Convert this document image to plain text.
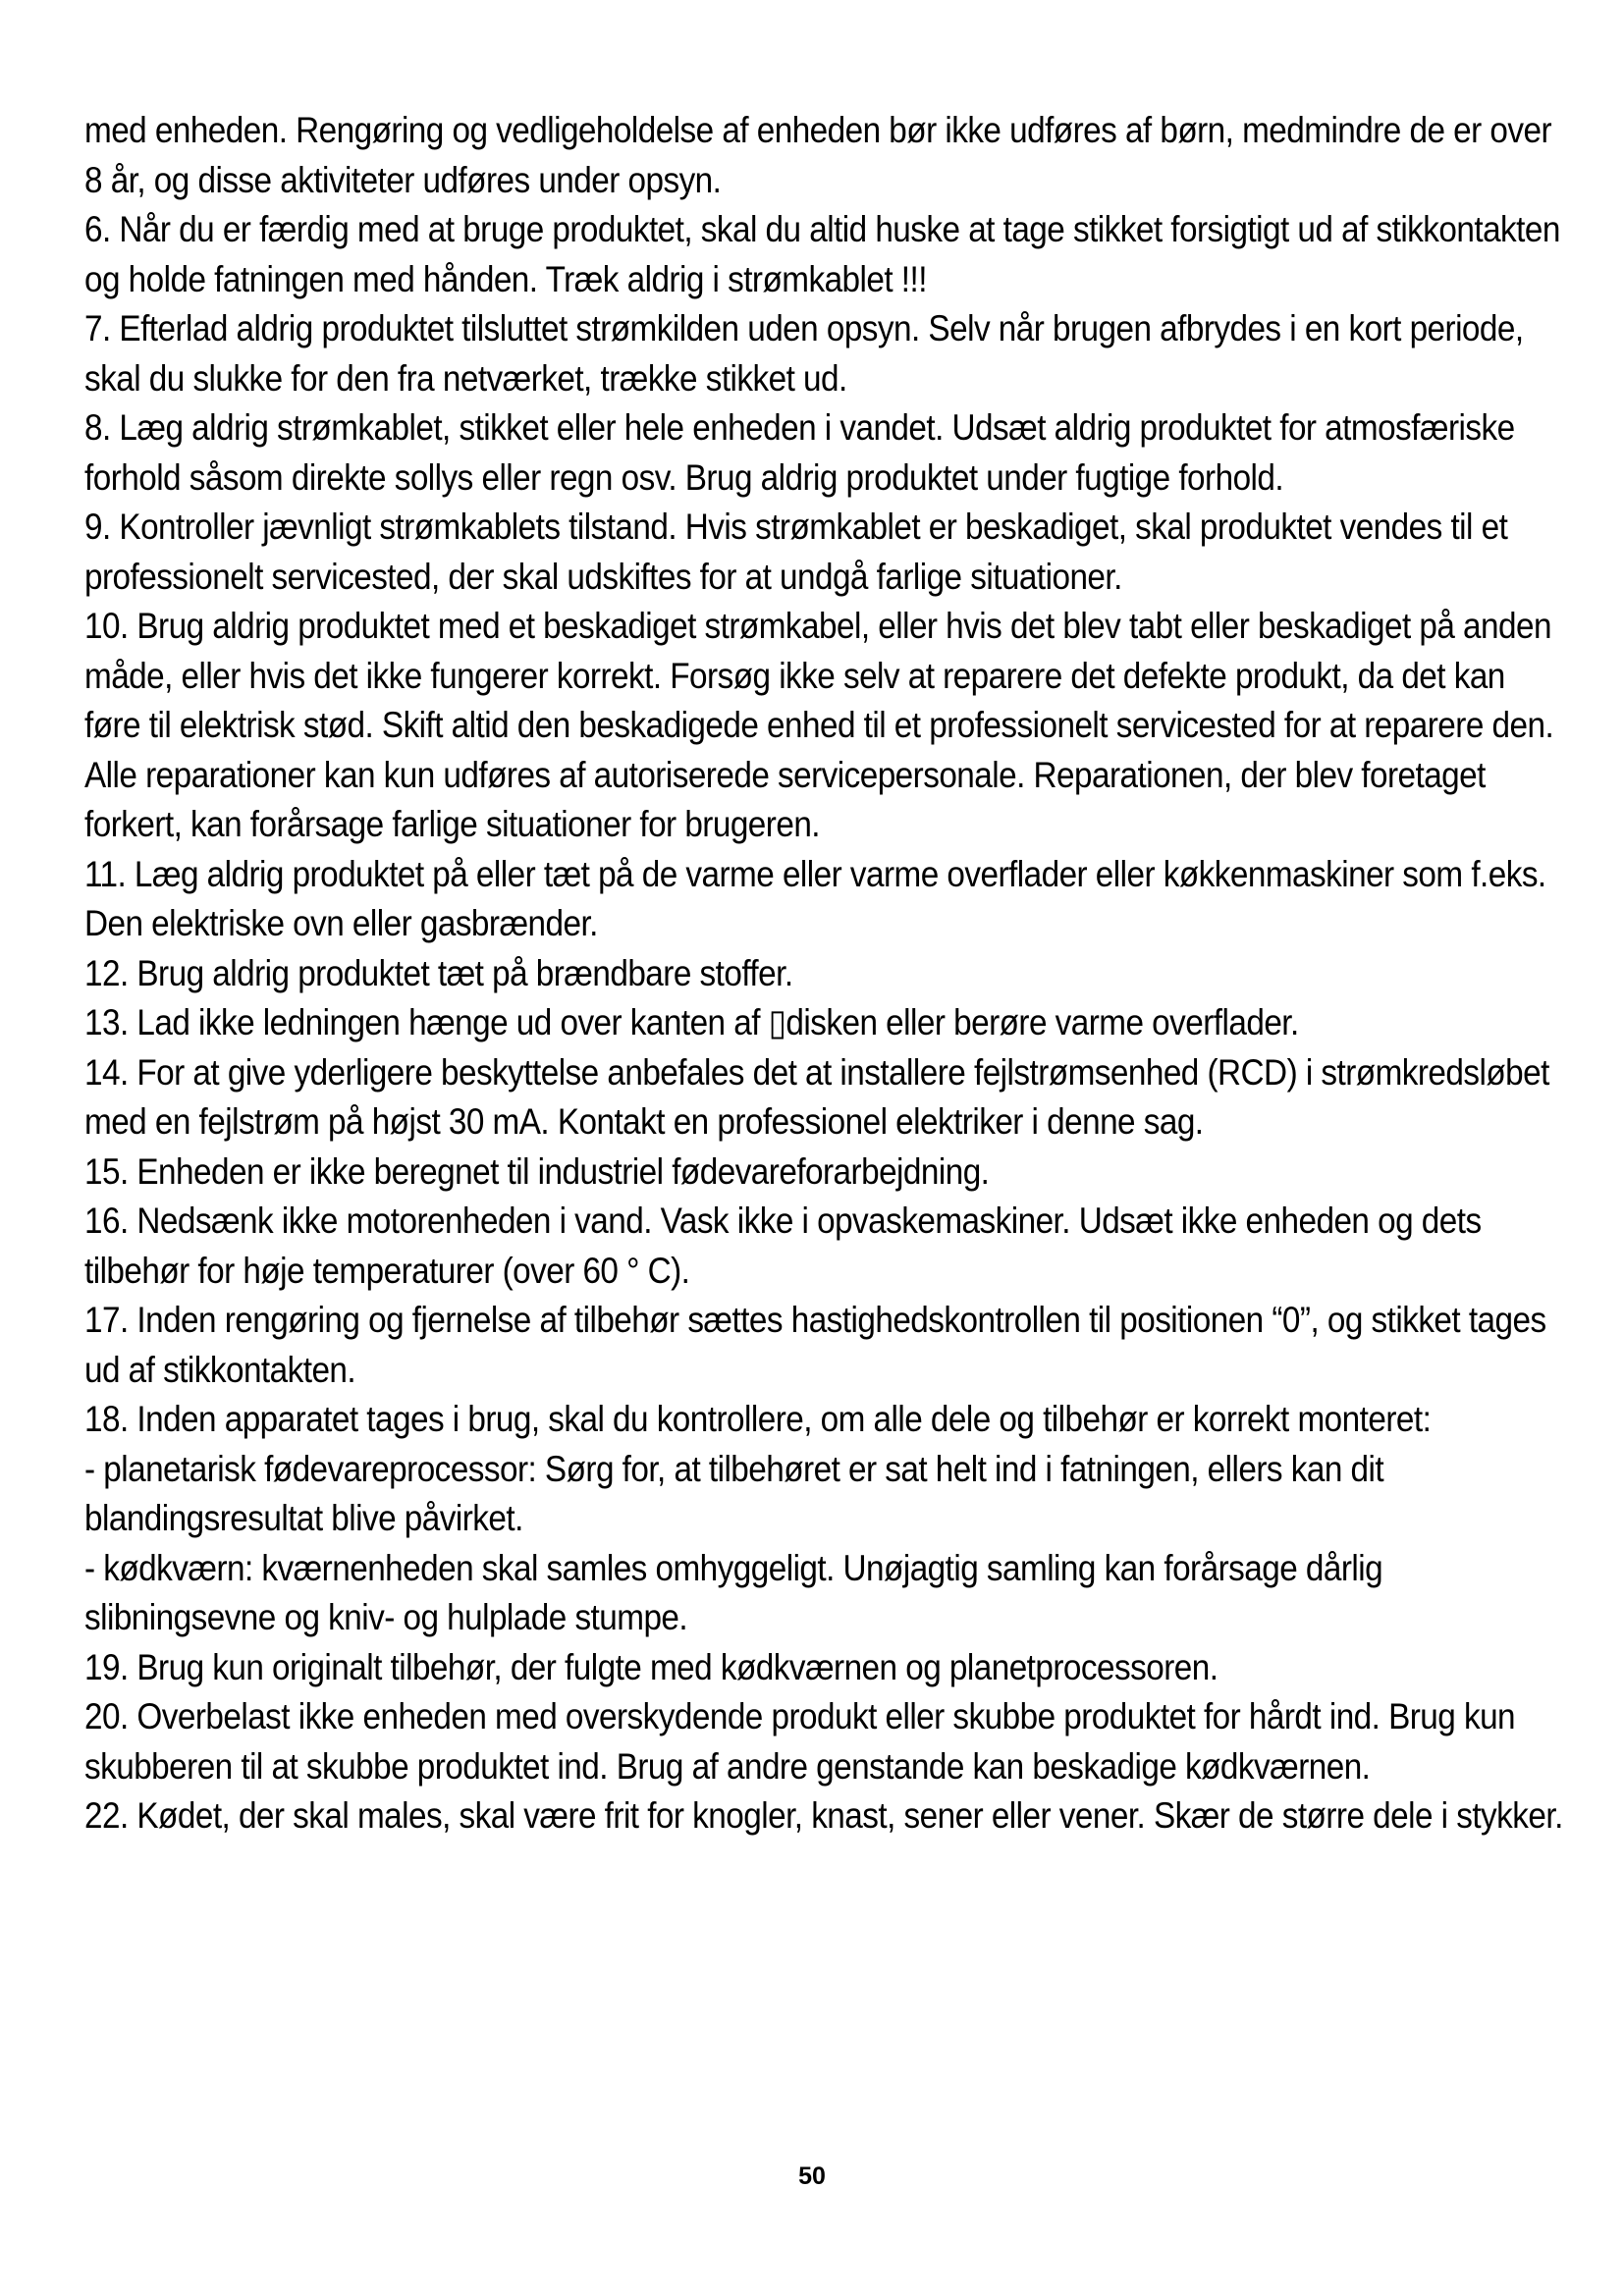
med enheden. Rengøring og vedligeholdelse af enheden bør ikke udføres af børn, medmindre de er over 8 år, og disse aktiviteter udføres under opsyn.

6. Når du er færdig med at bruge produktet, skal du altid huske at tage stikket forsigtigt ud af stikkontakten og holde fatningen med hånden. Træk aldrig i strømkablet !!!

7. Efterlad aldrig produktet tilsluttet strømkilden uden opsyn. Selv når brugen afbrydes i en kort periode, skal du slukke for den fra netværket, trække stikket ud.

8. Læg aldrig strømkablet, stikket eller hele enheden i vandet. Udsæt aldrig produktet for atmosfæriske forhold såsom direkte sollys eller regn osv. Brug aldrig produktet under fugtige forhold.

9. Kontroller jævnligt strømkablets tilstand. Hvis strømkablet er beskadiget, skal produktet vendes til et professionelt servicested, der skal udskiftes for at undgå farlige situationer.

10. Brug aldrig produktet med et beskadiget strømkabel, eller hvis det blev tabt eller beskadiget på anden måde, eller hvis det ikke fungerer korrekt. Forsøg ikke selv at reparere det defekte produkt, da det kan føre til elektrisk stød. Skift altid den beskadigede enhed til et professionelt servicested for at reparere den. Alle reparationer kan kun udføres af autoriserede servicepersonale. Reparationen, der blev foretaget forkert, kan forårsage farlige situationer for brugeren.

11. Læg aldrig produktet på eller tæt på de varme eller varme overflader eller køkkenmaskiner som f.eks. Den elektriske ovn eller gasbrænder.

12. Brug aldrig produktet tæt på brændbare stoffer.

13. Lad ikke ledningen hænge ud over kanten af ▯disken eller berøre varme overflader.

14. For at give yderligere beskyttelse anbefales det at installere fejlstrømsenhed (RCD) i strømkredsløbet med en fejlstrøm på højst 30 mA. Kontakt en professionel elektriker i denne sag.

15. Enheden er ikke beregnet til industriel fødevareforarbejdning.

16. Nedsænk ikke motorenheden i vand. Vask ikke i opvaskemaskiner. Udsæt ikke enheden og dets tilbehør for høje temperaturer (over 60 ° C).

17. Inden rengøring og fjernelse af tilbehør sættes hastighedskontrollen til positionen “0”, og stikket tages ud af stikkontakten.

18. Inden apparatet tages i brug, skal du kontrollere, om alle dele og tilbehør er korrekt monteret:

- planetarisk fødevareprocessor: Sørg for, at tilbehøret er sat helt ind i fatningen, ellers kan dit blandingsresultat blive påvirket.

- kødkværn: kværnenheden skal samles omhyggeligt. Unøjagtig samling kan forårsage dårlig slibningsevne og kniv- og hulplade stumpe.

19. Brug kun originalt tilbehør, der fulgte med kødkværnen og planetprocessoren.

20. Overbelast ikke enheden med overskydende produkt eller skubbe produktet for hårdt ind. Brug kun skubberen til at skubbe produktet ind. Brug af andre genstande kan beskadige kødkværnen.

22. Kødet, der skal males, skal være frit for knogler, knast, sener eller vener. Skær de større dele i stykker.

50
